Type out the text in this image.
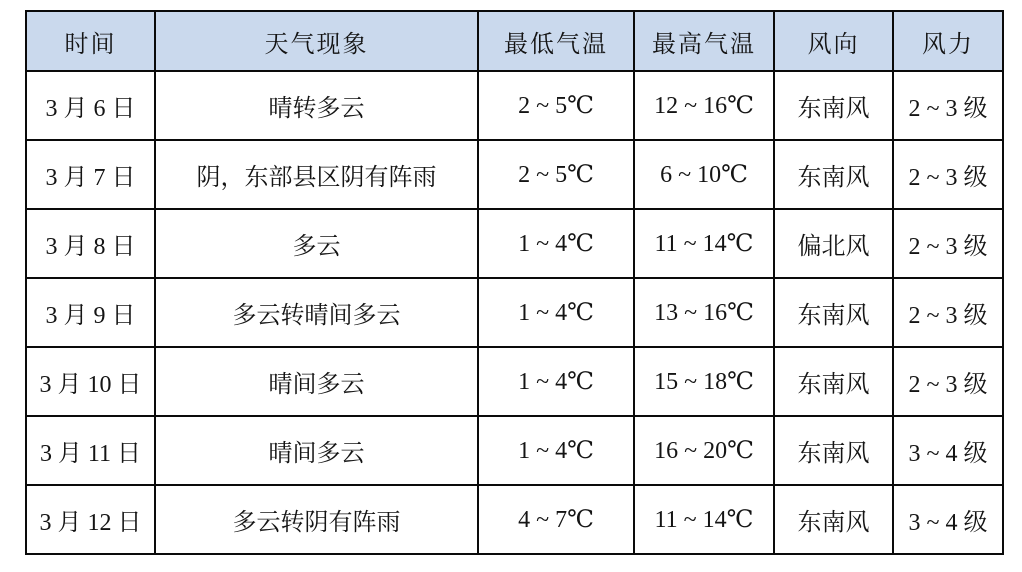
时间	天气现象	最低气温	最高气温	风向	风力
3 月 6 日	晴转多云	2 ~ 5℃	12 ~ 16℃	东南风	2 ~ 3 级
3 月 7 日	阴，东部县区阴有阵雨	2 ~ 5℃	6 ~ 10℃	东南风	2 ~ 3 级
3 月 8 日	多云	1 ~ 4℃	11 ~ 14℃	偏北风	2 ~ 3 级
3 月 9 日	多云转晴间多云	1 ~ 4℃	13 ~ 16℃	东南风	2 ~ 3 级
3 月 10 日	晴间多云	1 ~ 4℃	15 ~ 18℃	东南风	2 ~ 3 级
3 月 11 日	晴间多云	1 ~ 4℃	16 ~ 20℃	东南风	3 ~ 4 级
3 月 12 日	多云转阴有阵雨	4 ~ 7℃	11 ~ 14℃	东南风	3 ~ 4 级
